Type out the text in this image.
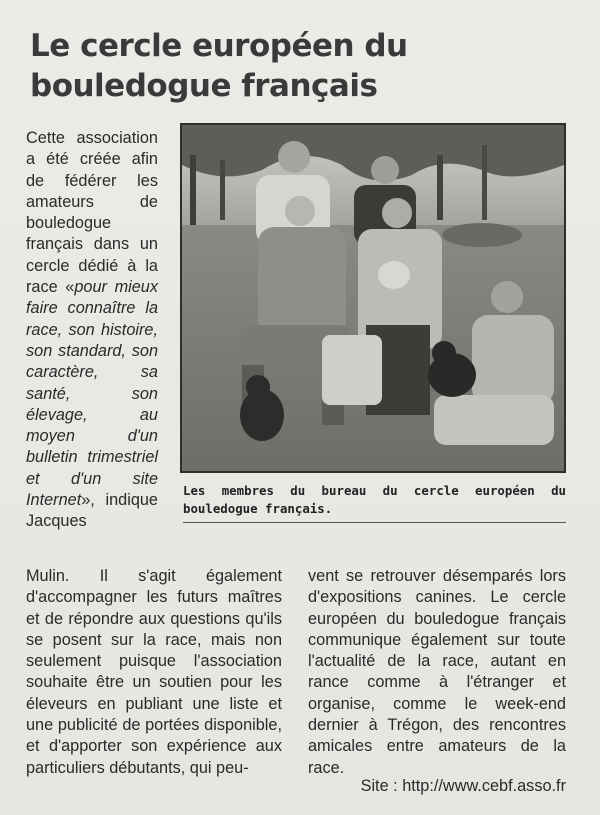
Le cercle européen du bouledogue français

Cette association a été créée afin de fédérer les amateurs de bouledogue français dans un cercle dédié à la race «pour mieux faire connaître la race, son histoire, son standard, son caractère, sa santé, son élevage, au moyen d'un bulletin trimestriel et d'un site Internet», indique Jacques

Les membres du bureau du cercle européen du bouledogue français.

Mulin. Il s'agit également d'accompagner les futurs maîtres et de répondre aux questions qu'ils se posent sur la race, mais non seulement puisque l'association souhaite être un soutien pour les éleveurs en publiant une liste et une publicité de portées disponible, et d'apporter son expérience aux particuliers débutants, qui peu-

vent se retrouver désemparés lors d'expositions canines. Le cercle européen du bouledogue français communique également sur toute l'actualité de la race, autant en rance comme à l'étranger et organise, comme le week-end dernier à Trégon, des rencontres amicales entre amateurs de la race.

Site : http://www.cebf.asso.fr
